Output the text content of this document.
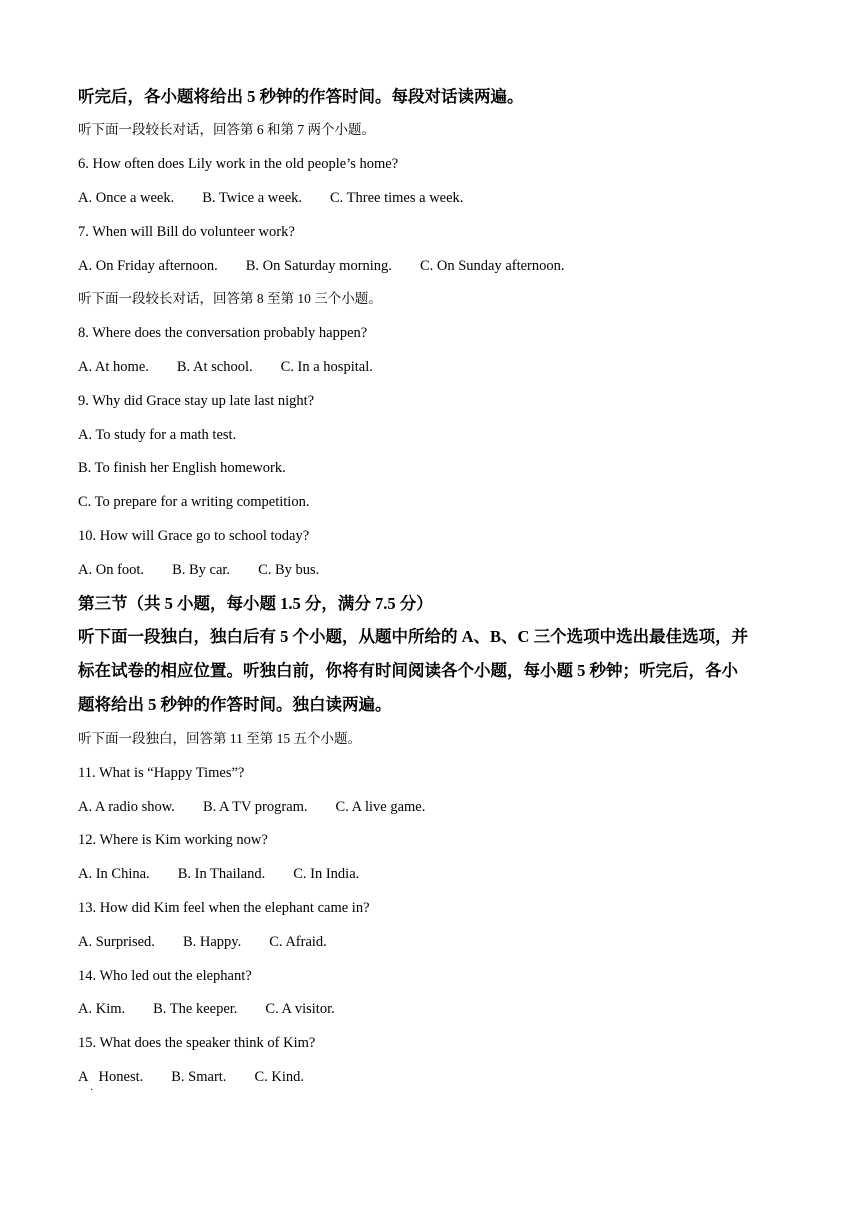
听完后，各小题将给出 5 秒钟的作答时间。每段对话读两遍。
听下面一段较长对话，回答第 6 和第 7 两个小题。
6. How often does Lily work in the old people’s home?
A. Once a week. B. Twice a week. C. Three times a week.
7. When will Bill do volunteer work?
A. On Friday afternoon. B. On Saturday morning. C. On Sunday afternoon.
听下面一段较长对话，回答第 8 至第 10 三个小题。
8. Where does the conversation probably happen?
A. At home. B. At school. C. In a hospital.
9. Why did Grace stay up late last night?
A. To study for a math test.
B. To finish her English homework.
C. To prepare for a writing competition.
10. How will Grace go to school today?
A. On foot. B. By car. C. By bus.
第三节（共 5 小题，每小题 1.5 分，满分 7.5 分）
听下面一段独白，独白后有 5 个小题，从题中所给的 A、B、C 三个选项中选出最佳选项，并
标在试卷的相应位置。听独白前，你将有时间阅读各个小题，每小题 5 秒钟；听完后，各小
题将给出 5 秒钟的作答时间。独白读两遍。
听下面一段独白，回答第 11 至第 15 五个小题。
11. What is “Happy Times”?
A. A radio show. B. A TV program. C. A live game.
12. Where is Kim working now?
A. In China. B. In Thailand. C. In India.
13. How did Kim feel when the elephant came in?
A. Surprised. B. Happy. C. Afraid.
14. Who led out the elephant?
A. Kim. B. The keeper. C. A visitor.
15. What does the speaker think of Kim?
A   Honest. B. Smart. C. Kind.
·
